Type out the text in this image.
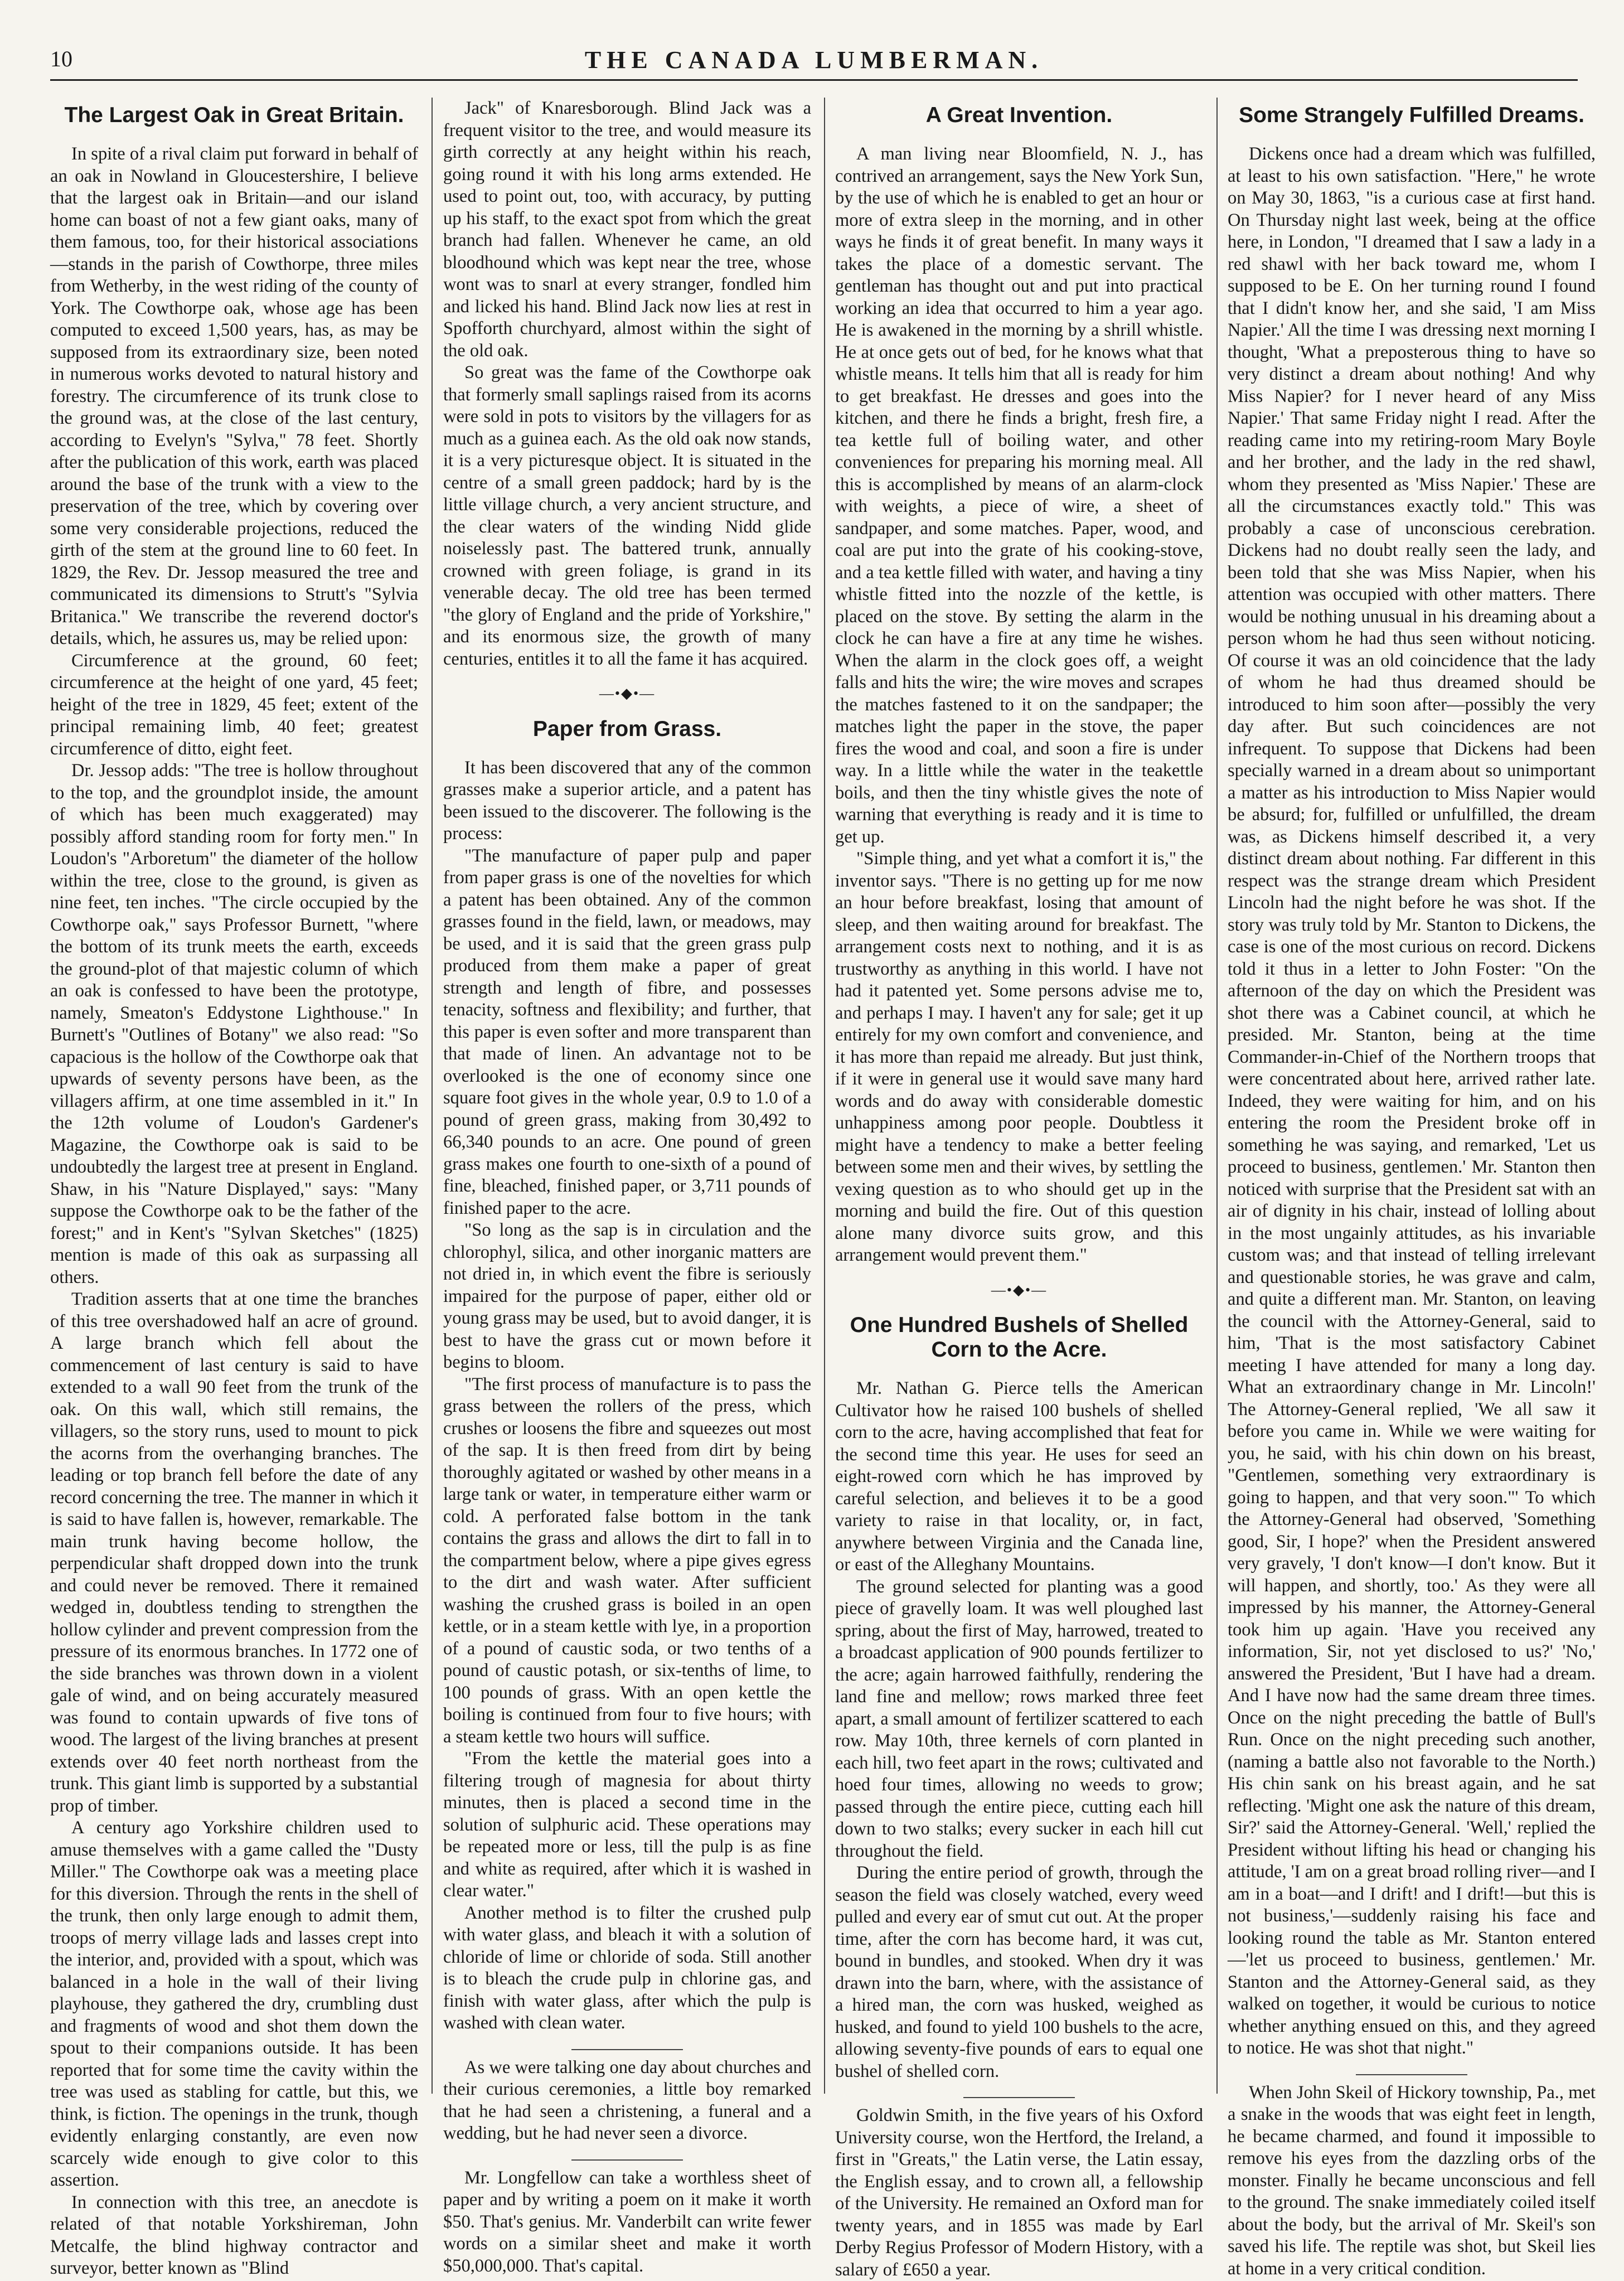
10	THE CANADA LUMBERMAN.
The Largest Oak in Great Britain.

In spite of a rival claim put forward in behalf of an oak in Nowland in Gloucestershire, I believe that the largest oak in Britain—and our island home can boast of not a few giant oaks, many of them famous, too, for their historical associations—stands in the parish of Cowthorpe, three miles from Wetherby, in the west riding of the county of York. The Cowthorpe oak, whose age has been computed to exceed 1,500 years, has, as may be supposed from its extraordinary size, been noted in numerous works devoted to natural history and forestry. The circumference of its trunk close to the ground was, at the close of the last century, according to Evelyn's "Sylva," 78 feet. Shortly after the publication of this work, earth was placed around the base of the trunk with a view to the preservation of the tree, which by covering over some very considerable projections, reduced the girth of the stem at the ground line to 60 feet. In 1829, the Rev. Dr. Jessop measured the tree and communicated its dimensions to Strutt's "Sylvia Britanica." We transcribe the reverend doctor's details, which, he assures us, may be relied upon:

Circumference at the ground, 60 feet; circumference at the height of one yard, 45 feet; height of the tree in 1829, 45 feet; extent of the principal remaining limb, 40 feet; greatest circumference of ditto, eight feet.

Dr. Jessop adds: "The tree is hollow throughout to the top, and the groundplot inside, the amount of which has been much exaggerated) may possibly afford standing room for forty men." In Loudon's "Arboretum" the diameter of the hollow within the tree, close to the ground, is given as nine feet, ten inches. "The circle occupied by the Cowthorpe oak," says Professor Burnett, "where the bottom of its trunk meets the earth, exceeds the ground-plot of that majestic column of which an oak is confessed to have been the prototype, namely, Smeaton's Eddystone Lighthouse." In Burnett's "Outlines of Botany" we also read: "So capacious is the hollow of the Cowthorpe oak that upwards of seventy persons have been, as the villagers affirm, at one time assembled in it." In the 12th volume of Loudon's Gardener's Magazine, the Cowthorpe oak is said to be undoubtedly the largest tree at present in England. Shaw, in his "Nature Displayed," says: "Many suppose the Cowthorpe oak to be the father of the forest;" and in Kent's "Sylvan Sketches" (1825) mention is made of this oak as surpassing all others.

Tradition asserts that at one time the branches of this tree overshadowed half an acre of ground. A large branch which fell about the commencement of last century is said to have extended to a wall 90 feet from the trunk of the oak. On this wall, which still remains, the villagers, so the story runs, used to mount to pick the acorns from the overhanging branches. The leading or top branch fell before the date of any record concerning the tree. The manner in which it is said to have fallen is, however, remarkable. The main trunk having become hollow, the perpendicular shaft dropped down into the trunk and could never be removed. There it remained wedged in, doubtless tending to strengthen the hollow cylinder and prevent compression from the pressure of its enormous branches. In 1772 one of the side branches was thrown down in a violent gale of wind, and on being accurately measured was found to contain upwards of five tons of wood. The largest of the living branches at present extends over 40 feet north northeast from the trunk. This giant limb is supported by a substantial prop of timber.

A century ago Yorkshire children used to amuse themselves with a game called the "Dusty Miller." The Cowthorpe oak was a meeting place for this diversion. Through the rents in the shell of the trunk, then only large enough to admit them, troops of merry village lads and lasses crept into the interior, and, provided with a spout, which was balanced in a hole in the wall of their living playhouse, they gathered the dry, crumbling dust and fragments of wood and shot them down the spout to their companions outside. It has been reported that for some time the cavity within the tree was used as stabling for cattle, but this, we think, is fiction. The openings in the trunk, though evidently enlarging constantly, are even now scarcely wide enough to give color to this assertion.

In connection with this tree, an anecdote is related of that notable Yorkshireman, John Metcalfe, the blind highway contractor and surveyor, better known as "Blind

Jack" of Knaresborough. Blind Jack was a frequent visitor to the tree, and would measure its girth correctly at any height within his reach, going round it with his long arms extended. He used to point out, too, with accuracy, by putting up his staff, to the exact spot from which the great branch had fallen. Whenever he came, an old bloodhound which was kept near the tree, whose wont was to snarl at every stranger, fondled him and licked his hand. Blind Jack now lies at rest in Spofforth churchyard, almost within the sight of the old oak.

So great was the fame of the Cowthorpe oak that formerly small saplings raised from its acorns were sold in pots to visitors by the villagers for as much as a guinea each. As the old oak now stands, it is a very picturesque object. It is situated in the centre of a small green paddock; hard by is the little village church, a very ancient structure, and the clear waters of the winding Nidd glide noiselessly past. The battered trunk, annually crowned with green foliage, is grand in its venerable decay. The old tree has been termed "the glory of England and the pride of Yorkshire," and its enormous size, the growth of many centuries, entitles it to all the fame it has acquired.

—•◆•—
Paper from Grass.

It has been discovered that any of the common grasses make a superior article, and a patent has been issued to the discoverer. The following is the process:

"The manufacture of paper pulp and paper from paper grass is one of the novelties for which a patent has been obtained. Any of the common grasses found in the field, lawn, or meadows, may be used, and it is said that the green grass pulp produced from them make a paper of great strength and length of fibre, and possesses tenacity, softness and flexibility; and further, that this paper is even softer and more transparent than that made of linen. An advantage not to be overlooked is the one of economy since one square foot gives in the whole year, 0.9 to 1.0 of a pound of green grass, making from 30,492 to 66,340 pounds to an acre. One pound of green grass makes one fourth to one-sixth of a pound of fine, bleached, finished paper, or 3,711 pounds of finished paper to the acre.

"So long as the sap is in circulation and the chlorophyl, silica, and other inorganic matters are not dried in, in which event the fibre is seriously impaired for the purpose of paper, either old or young grass may be used, but to avoid danger, it is best to have the grass cut or mown before it begins to bloom.

"The first process of manufacture is to pass the grass between the rollers of the press, which crushes or loosens the fibre and squeezes out most of the sap. It is then freed from dirt by being thoroughly agitated or washed by other means in a large tank or water, in temperature either warm or cold. A perforated false bottom in the tank contains the grass and allows the dirt to fall in to the compartment below, where a pipe gives egress to the dirt and wash water. After sufficient washing the crushed grass is boiled in an open kettle, or in a steam kettle with lye, in a proportion of a pound of caustic soda, or two tenths of a pound of caustic potash, or six-tenths of lime, to 100 pounds of grass. With an open kettle the boiling is continued from four to five hours; with a steam kettle two hours will suffice.

"From the kettle the material goes into a filtering trough of magnesia for about thirty minutes, then is placed a second time in the solution of sulphuric acid. These operations may be repeated more or less, till the pulp is as fine and white as required, after which it is washed in clear water."

Another method is to filter the crushed pulp with water glass, and bleach it with a solution of chloride of lime or chloride of soda. Still another is to bleach the crude pulp in chlorine gas, and finish with water glass, after which the pulp is washed with clean water.

As we were talking one day about churches and their curious ceremonies, a little boy remarked that he had seen a christening, a funeral and a wedding, but he had never seen a divorce.

Mr. Longfellow can take a worthless sheet of paper and by writing a poem on it make it worth $50. That's genius. Mr. Vanderbilt can write fewer words on a similar sheet and make it worth $50,000,000. That's capital.

A Great Invention.

A man living near Bloomfield, N. J., has contrived an arrangement, says the New York Sun, by the use of which he is enabled to get an hour or more of extra sleep in the morning, and in other ways he finds it of great benefit. In many ways it takes the place of a domestic servant. The gentleman has thought out and put into practical working an idea that occurred to him a year ago. He is awakened in the morning by a shrill whistle. He at once gets out of bed, for he knows what that whistle means. It tells him that all is ready for him to get breakfast. He dresses and goes into the kitchen, and there he finds a bright, fresh fire, a tea kettle full of boiling water, and other conveniences for preparing his morning meal. All this is accomplished by means of an alarm-clock with weights, a piece of wire, a sheet of sandpaper, and some matches. Paper, wood, and coal are put into the grate of his cooking-stove, and a tea kettle filled with water, and having a tiny whistle fitted into the nozzle of the kettle, is placed on the stove. By setting the alarm in the clock he can have a fire at any time he wishes. When the alarm in the clock goes off, a weight falls and hits the wire; the wire moves and scrapes the matches fastened to it on the sandpaper; the matches light the paper in the stove, the paper fires the wood and coal, and soon a fire is under way. In a little while the water in the teakettle boils, and then the tiny whistle gives the note of warning that everything is ready and it is time to get up.

"Simple thing, and yet what a comfort it is," the inventor says. "There is no getting up for me now an hour before breakfast, losing that amount of sleep, and then waiting around for breakfast. The arrangement costs next to nothing, and it is as trustworthy as anything in this world. I have not had it patented yet. Some persons advise me to, and perhaps I may. I haven't any for sale; get it up entirely for my own comfort and convenience, and it has more than repaid me already. But just think, if it were in general use it would save many hard words and do away with considerable domestic unhappiness among poor people. Doubtless it might have a tendency to make a better feeling between some men and their wives, by settling the vexing question as to who should get up in the morning and build the fire. Out of this question alone many divorce suits grow, and this arrangement would prevent them."

—•◆•—
One Hundred Bushels of Shelled Corn to the Acre.

Mr. Nathan G. Pierce tells the American Cultivator how he raised 100 bushels of shelled corn to the acre, having accomplished that feat for the second time this year. He uses for seed an eight-rowed corn which he has improved by careful selection, and believes it to be a good variety to raise in that locality, or, in fact, anywhere between Virginia and the Canada line, or east of the Alleghany Mountains.

The ground selected for planting was a good piece of gravelly loam. It was well ploughed last spring, about the first of May, harrowed, treated to a broadcast application of 900 pounds fertilizer to the acre; again harrowed faithfully, rendering the land fine and mellow; rows marked three feet apart, a small amount of fertilizer scattered to each row. May 10th, three kernels of corn planted in each hill, two feet apart in the rows; cultivated and hoed four times, allowing no weeds to grow; passed through the entire piece, cutting each hill down to two stalks; every sucker in each hill cut throughout the field.

During the entire period of growth, through the season the field was closely watched, every weed pulled and every ear of smut cut out. At the proper time, after the corn has become hard, it was cut, bound in bundles, and stooked. When dry it was drawn into the barn, where, with the assistance of a hired man, the corn was husked, weighed as husked, and found to yield 100 bushels to the acre, allowing seventy-five pounds of ears to equal one bushel of shelled corn.

Goldwin Smith, in the five years of his Oxford University course, won the Hertford, the Ireland, a first in "Greats," the Latin verse, the Latin essay, the English essay, and to crown all, a fellowship of the University. He remained an Oxford man for twenty years, and in 1855 was made by Earl Derby Regius Professor of Modern History, with a salary of £650 a year.

Some Strangely Fulfilled Dreams.

Dickens once had a dream which was fulfilled, at least to his own satisfaction. "Here," he wrote on May 30, 1863, "is a curious case at first hand. On Thursday night last week, being at the office here, in London, "I dreamed that I saw a lady in a red shawl with her back toward me, whom I supposed to be E. On her turning round I found that I didn't know her, and she said, 'I am Miss Napier.' All the time I was dressing next morning I thought, 'What a preposterous thing to have so very distinct a dream about nothing! And why Miss Napier? for I never heard of any Miss Napier.' That same Friday night I read. After the reading came into my retiring-room Mary Boyle and her brother, and the lady in the red shawl, whom they presented as 'Miss Napier.' These are all the circumstances exactly told." This was probably a case of unconscious cerebration. Dickens had no doubt really seen the lady, and been told that she was Miss Napier, when his attention was occupied with other matters. There would be nothing unusual in his dreaming about a person whom he had thus seen without noticing. Of course it was an old coincidence that the lady of whom he had thus dreamed should be introduced to him soon after—possibly the very day after. But such coincidences are not infrequent. To suppose that Dickens had been specially warned in a dream about so unimportant a matter as his introduction to Miss Napier would be absurd; for, fulfilled or unfulfilled, the dream was, as Dickens himself described it, a very distinct dream about nothing. Far different in this respect was the strange dream which President Lincoln had the night before he was shot. If the story was truly told by Mr. Stanton to Dickens, the case is one of the most curious on record. Dickens told it thus in a letter to John Foster: "On the afternoon of the day on which the President was shot there was a Cabinet council, at which he presided. Mr. Stanton, being at the time Commander-in-Chief of the Northern troops that were concentrated about here, arrived rather late. Indeed, they were waiting for him, and on his entering the room the President broke off in something he was saying, and remarked, 'Let us proceed to business, gentlemen.' Mr. Stanton then noticed with surprise that the President sat with an air of dignity in his chair, instead of lolling about in the most ungainly attitudes, as his invariable custom was; and that instead of telling irrelevant and questionable stories, he was grave and calm, and quite a different man. Mr. Stanton, on leaving the council with the Attorney-General, said to him, 'That is the most satisfactory Cabinet meeting I have attended for many a long day. What an extraordinary change in Mr. Lincoln!' The Attorney-General replied, 'We all saw it before you came in. While we were waiting for you, he said, with his chin down on his breast, "Gentlemen, something very extraordinary is going to happen, and that very soon."' To which the Attorney-General had observed, 'Something good, Sir, I hope?' when the President answered very gravely, 'I don't know—I don't know. But it will happen, and shortly, too.' As they were all impressed by his manner, the Attorney-General took him up again. 'Have you received any information, Sir, not yet disclosed to us?' 'No,' answered the President, 'But I have had a dream. And I have now had the same dream three times. Once on the night preceding the battle of Bull's Run. Once on the night preceding such another, (naming a battle also not favorable to the North.) His chin sank on his breast again, and he sat reflecting. 'Might one ask the nature of this dream, Sir?' said the Attorney-General. 'Well,' replied the President without lifting his head or changing his attitude, 'I am on a great broad rolling river—and I am in a boat—and I drift! and I drift!—but this is not business,'—suddenly raising his face and looking round the table as Mr. Stanton entered—'let us proceed to business, gentlemen.' Mr. Stanton and the Attorney-General said, as they walked on together, it would be curious to notice whether anything ensued on this, and they agreed to notice. He was shot that night."

When John Skeil of Hickory township, Pa., met a snake in the woods that was eight feet in length, he became charmed, and found it impossible to remove his eyes from the dazzling orbs of the monster. Finally he became unconscious and fell to the ground. The snake immediately coiled itself about the body, but the arrival of Mr. Skeil's son saved his life. The reptile was shot, but Skeil lies at home in a very critical condition.
